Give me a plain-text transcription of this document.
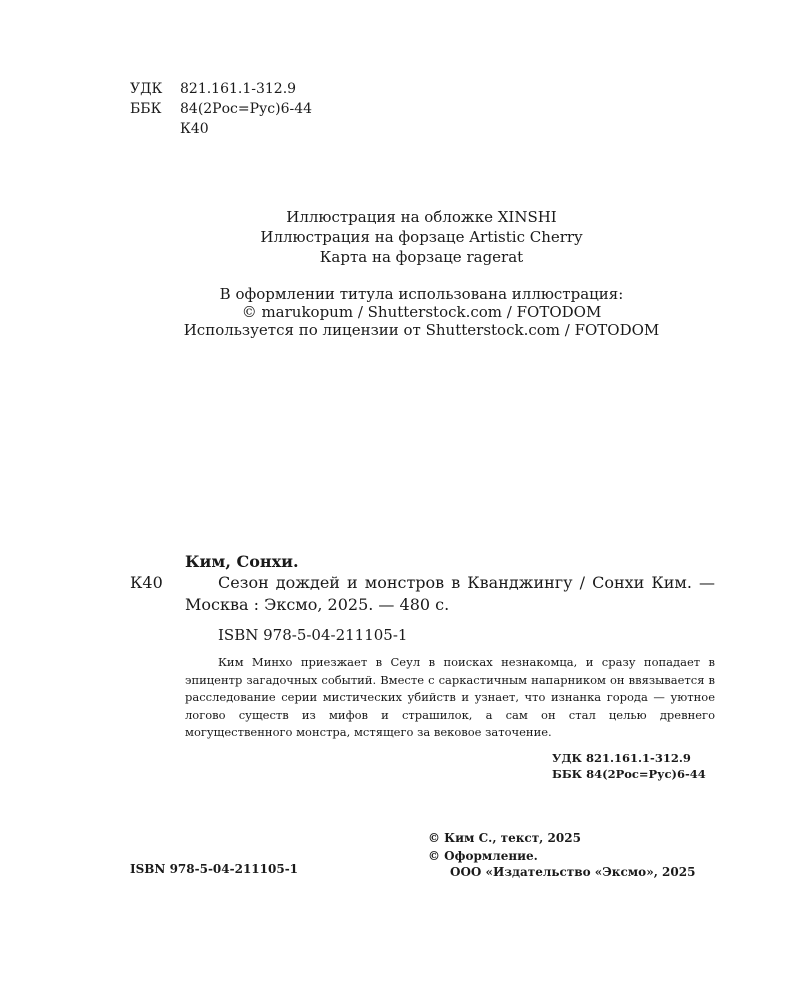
УДК 821.161.1-312.9
ББК 84(2Рос=Рус)6-44
К40
Иллюстрация на обложке XINSHI
Иллюстрация на форзаце Artistic Cherry
Карта на форзаце ragerat
В оформлении титула использована иллюстрация:
© marukopum / Shutterstock.com / FOTODOM
Используется по лицензии от Shutterstock.com / FOTODOM
Ким, Сонхи.
К40	Сезон дождей и монстров в Кванджингу / Сонхи Ким. — Москва : Эксмо, 2025. — 480 с.
ISBN 978-5-04-211105-1
Ким Минхо приезжает в Сеул в поисках незнакомца, и сразу попадает в эпицентр загадочных событий. Вместе с саркастичным напарником он ввязывается в расследование серии мистических убийств и узнает, что изнанка города — уютное логово существ из мифов и страшилок, а сам он стал целью древнего могущественного монстра, мстящего за вековое заточение.
УДК 821.161.1-312.9
ББК 84(2Рос=Рус)6-44
© Ким С., текст, 2025
© Оформление.
ООО «Издательство «Эксмо», 2025
ISBN 978-5-04-211105-1
